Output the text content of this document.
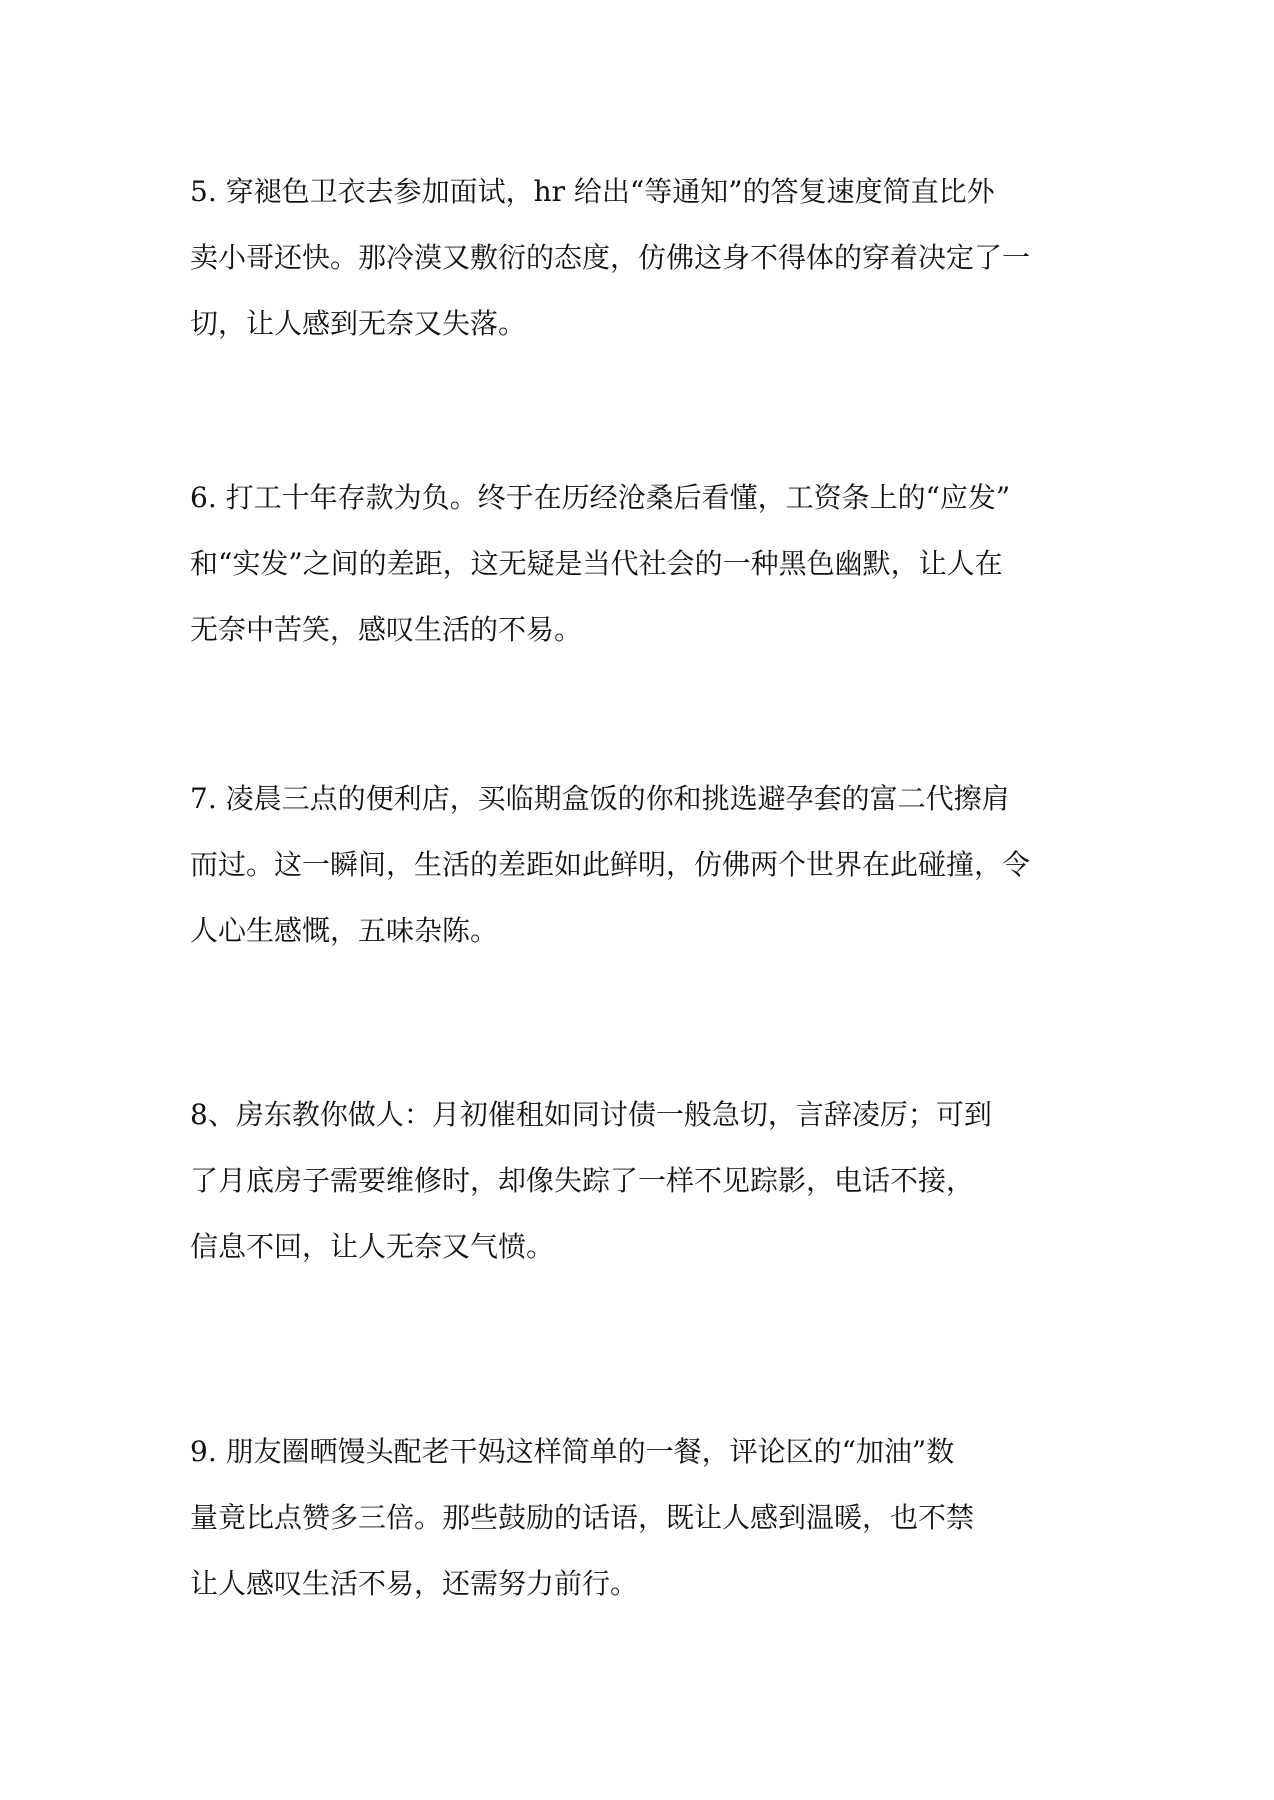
5. 穿褪色卫衣去参加面试，hr 给出“等通知”的答复速度简直比外
卖小哥还快。那冷漠又敷衍的态度，仿佛这身不得体的穿着决定了一
切，让人感到无奈又失落。

6. 打工十年存款为负。终于在历经沧桑后看懂，工资条上的“应发”
和“实发”之间的差距，这无疑是当代社会的一种黑色幽默，让人在
无奈中苦笑，感叹生活的不易。

7. 凌晨三点的便利店，买临期盒饭的你和挑选避孕套的富二代擦肩
而过。这一瞬间，生活的差距如此鲜明，仿佛两个世界在此碰撞，令
人心生感慨，五味杂陈。

8、房东教你做人：月初催租如同讨债一般急切，言辞凌厉；可到
了月底房子需要维修时，却像失踪了一样不见踪影，电话不接，
信息不回，让人无奈又气愤。

9. 朋友圈晒馒头配老干妈这样简单的一餐，评论区的“加油”数
量竟比点赞多三倍。那些鼓励的话语，既让人感到温暖，也不禁
让人感叹生活不易，还需努力前行。
